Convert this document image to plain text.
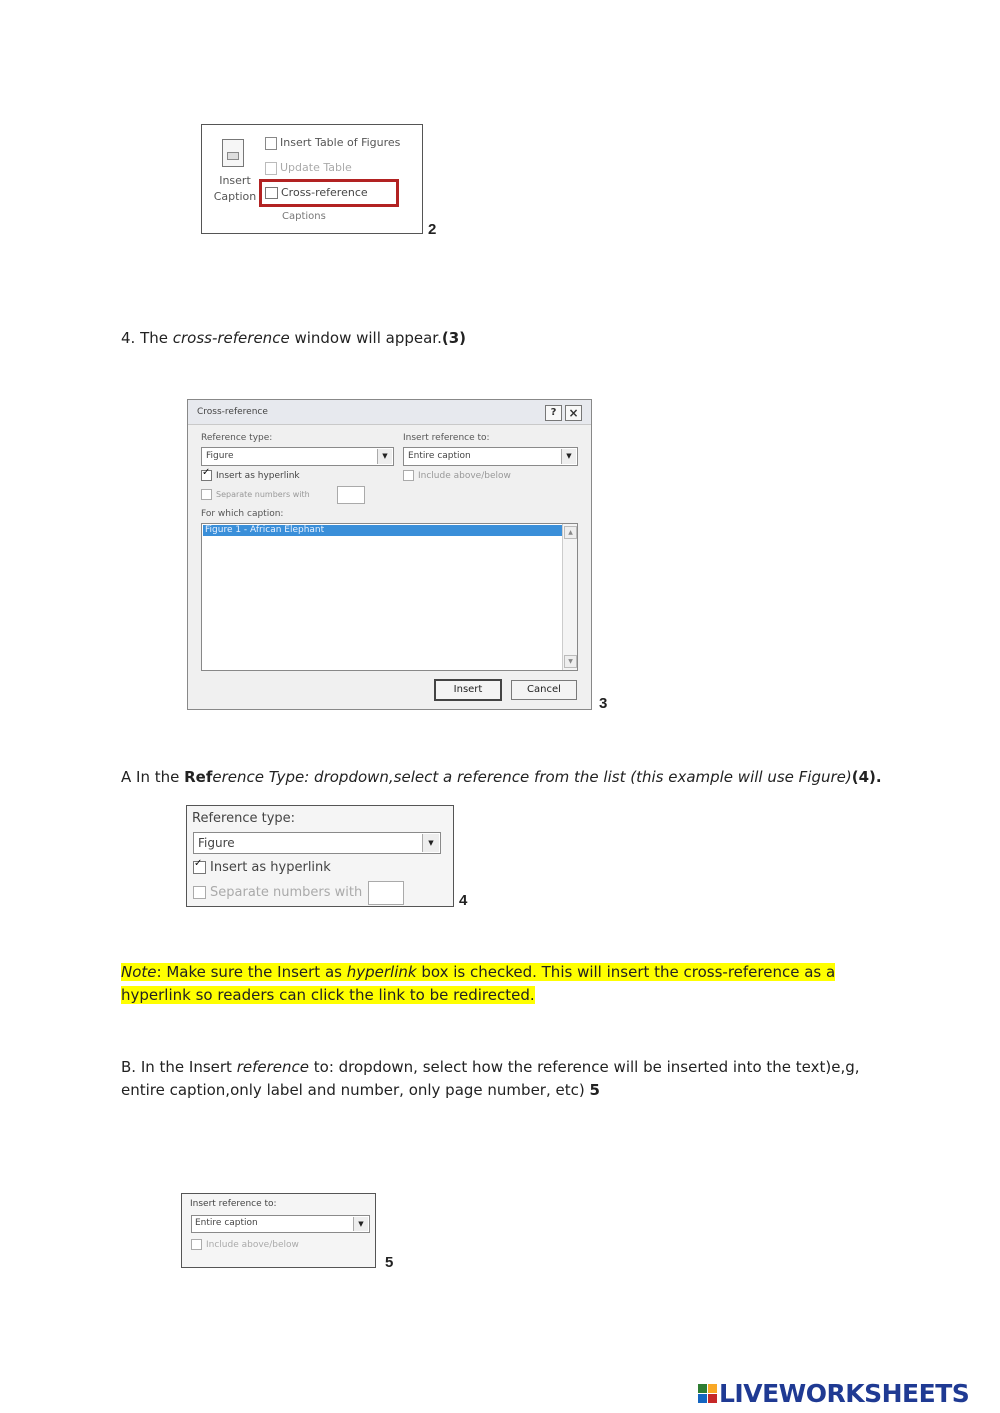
Insert
Caption
Insert Table of Figures
Update Table
Cross-reference
Captions
2
4. The cross-reference window will appear.(3)
Cross-reference	?	×
Reference type:
Figure	▼
Insert reference to:
Entire caption	▼
✓Insert as hyperlink	Include above/below
Separate numbers with
For which caption:
Figure 1 - African Elephant	▲
▼
Insert	Cancel
3
A In the Reference Type: dropdown,select a reference from the list (this example will use Figure)(4).
Reference type:
Figure	▼
✓Insert as hyperlink
Separate numbers with	4
Note: Make sure the Insert as hyperlink box is checked. This will insert the cross-reference as a
hyperlink so readers can click the link to be redirected.
B. In the Insert reference to: dropdown, select how the reference will be inserted into the text)e,g,
entire caption,only label and number, only page number, etc) 5
Insert reference to:
Entire caption	▼
Include above/below
5
LIVEWORKSHEETS
